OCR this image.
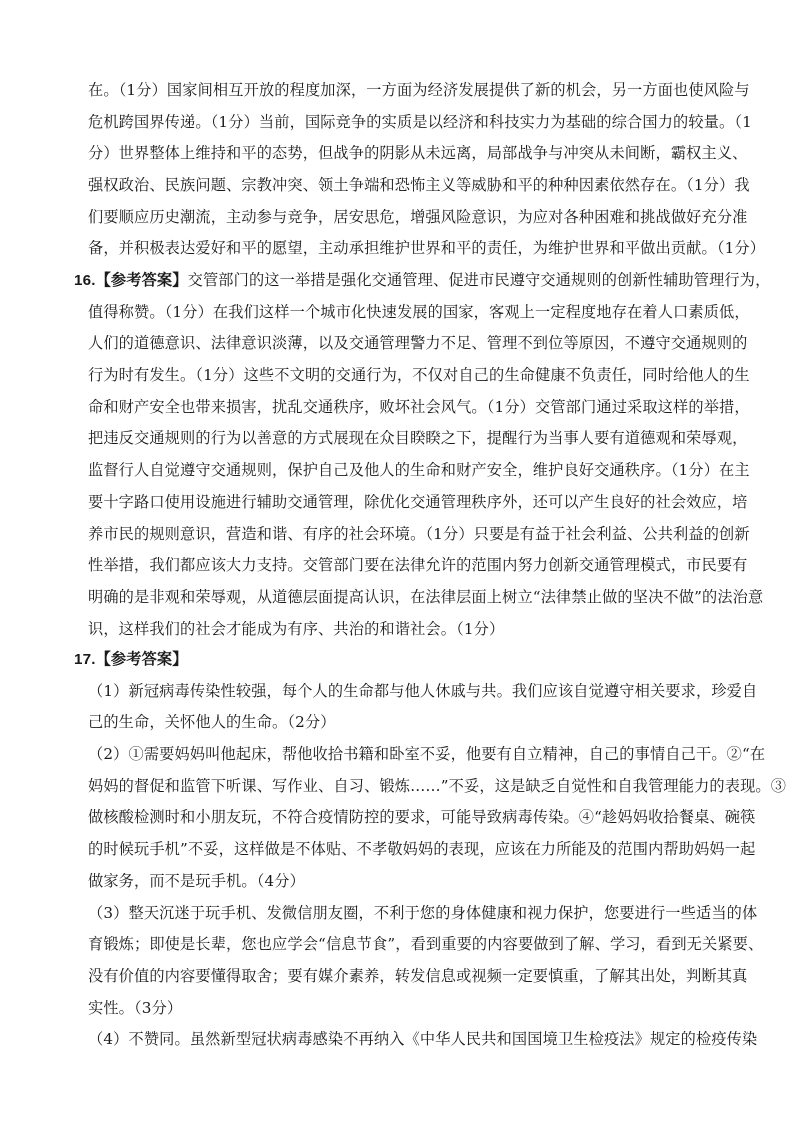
在。（1分）国家间相互开放的程度加深，一方面为经济发展提供了新的机会，另一方面也使风险与
危机跨国界传递。（1分）当前，国际竞争的实质是以经济和科技实力为基础的综合国力的较量。（1
分）世界整体上维持和平的态势，但战争的阴影从未远离，局部战争与冲突从未间断，霸权主义、
强权政治、民族问题、宗教冲突、领土争端和恐怖主义等威胁和平的种种因素依然存在。（1分）我
们要顺应历史潮流，主动参与竞争，居安思危，增强风险意识，为应对各种困难和挑战做好充分准
备，并积极表达爱好和平的愿望，主动承担维护世界和平的责任，为维护世界和平做出贡献。（1分）
16.【参考答案】交管部门的这一举措是强化交通管理、促进市民遵守交通规则的创新性辅助管理行为，
值得称赞。（1分）在我们这样一个城市化快速发展的国家，客观上一定程度地存在着人口素质低，
人们的道德意识、法律意识淡薄，以及交通管理警力不足、管理不到位等原因，不遵守交通规则的
行为时有发生。（1分）这些不文明的交通行为，不仅对自己的生命健康不负责任，同时给他人的生
命和财产安全也带来损害，扰乱交通秩序，败坏社会风气。（1分）交管部门通过采取这样的举措，
把违反交通规则的行为以善意的方式展现在众目睽睽之下，提醒行为当事人要有道德观和荣辱观，
监督行人自觉遵守交通规则，保护自己及他人的生命和财产安全，维护良好交通秩序。（1分）在主
要十字路口使用设施进行辅助交通管理，除优化交通管理秩序外，还可以产生良好的社会效应，培
养市民的规则意识，营造和谐、有序的社会环境。（1分）只要是有益于社会利益、公共利益的创新
性举措，我们都应该大力支持。交管部门要在法律允许的范围内努力创新交通管理模式，市民要有
明确的是非观和荣辱观，从道德层面提高认识，在法律层面上树立“法律禁止做的坚决不做”的法治意
识，这样我们的社会才能成为有序、共治的和谐社会。（1分）
17.【参考答案】
（1）新冠病毒传染性较强，每个人的生命都与他人休戚与共。我们应该自觉遵守相关要求，珍爱自
己的生命，关怀他人的生命。（2分）
（2）①需要妈妈叫他起床，帮他收拾书籍和卧室不妥，他要有自立精神，自己的事情自己干。②“在
妈妈的督促和监管下听课、写作业、自习、锻炼……”不妥，这是缺乏自觉性和自我管理能力的表现。③
做核酸检测时和小朋友玩，不符合疫情防控的要求，可能导致病毒传染。④“趁妈妈收拾餐桌、碗筷
的时候玩手机”不妥，这样做是不体贴、不孝敬妈妈的表现，应该在力所能及的范围内帮助妈妈一起
做家务，而不是玩手机。（4分）
（3）整天沉迷于玩手机、发微信朋友圈，不利于您的身体健康和视力保护，您要进行一些适当的体
育锻炼；即使是长辈，您也应学会“信息节食”，看到重要的内容要做到了解、学习，看到无关紧要、
没有价值的内容要懂得取舍；要有媒介素养，转发信息或视频一定要慎重，了解其出处，判断其真
实性。（3分）
（4）不赞同。虽然新型冠状病毒感染不再纳入《中华人民共和国国境卫生检疫法》规定的检疫传染
